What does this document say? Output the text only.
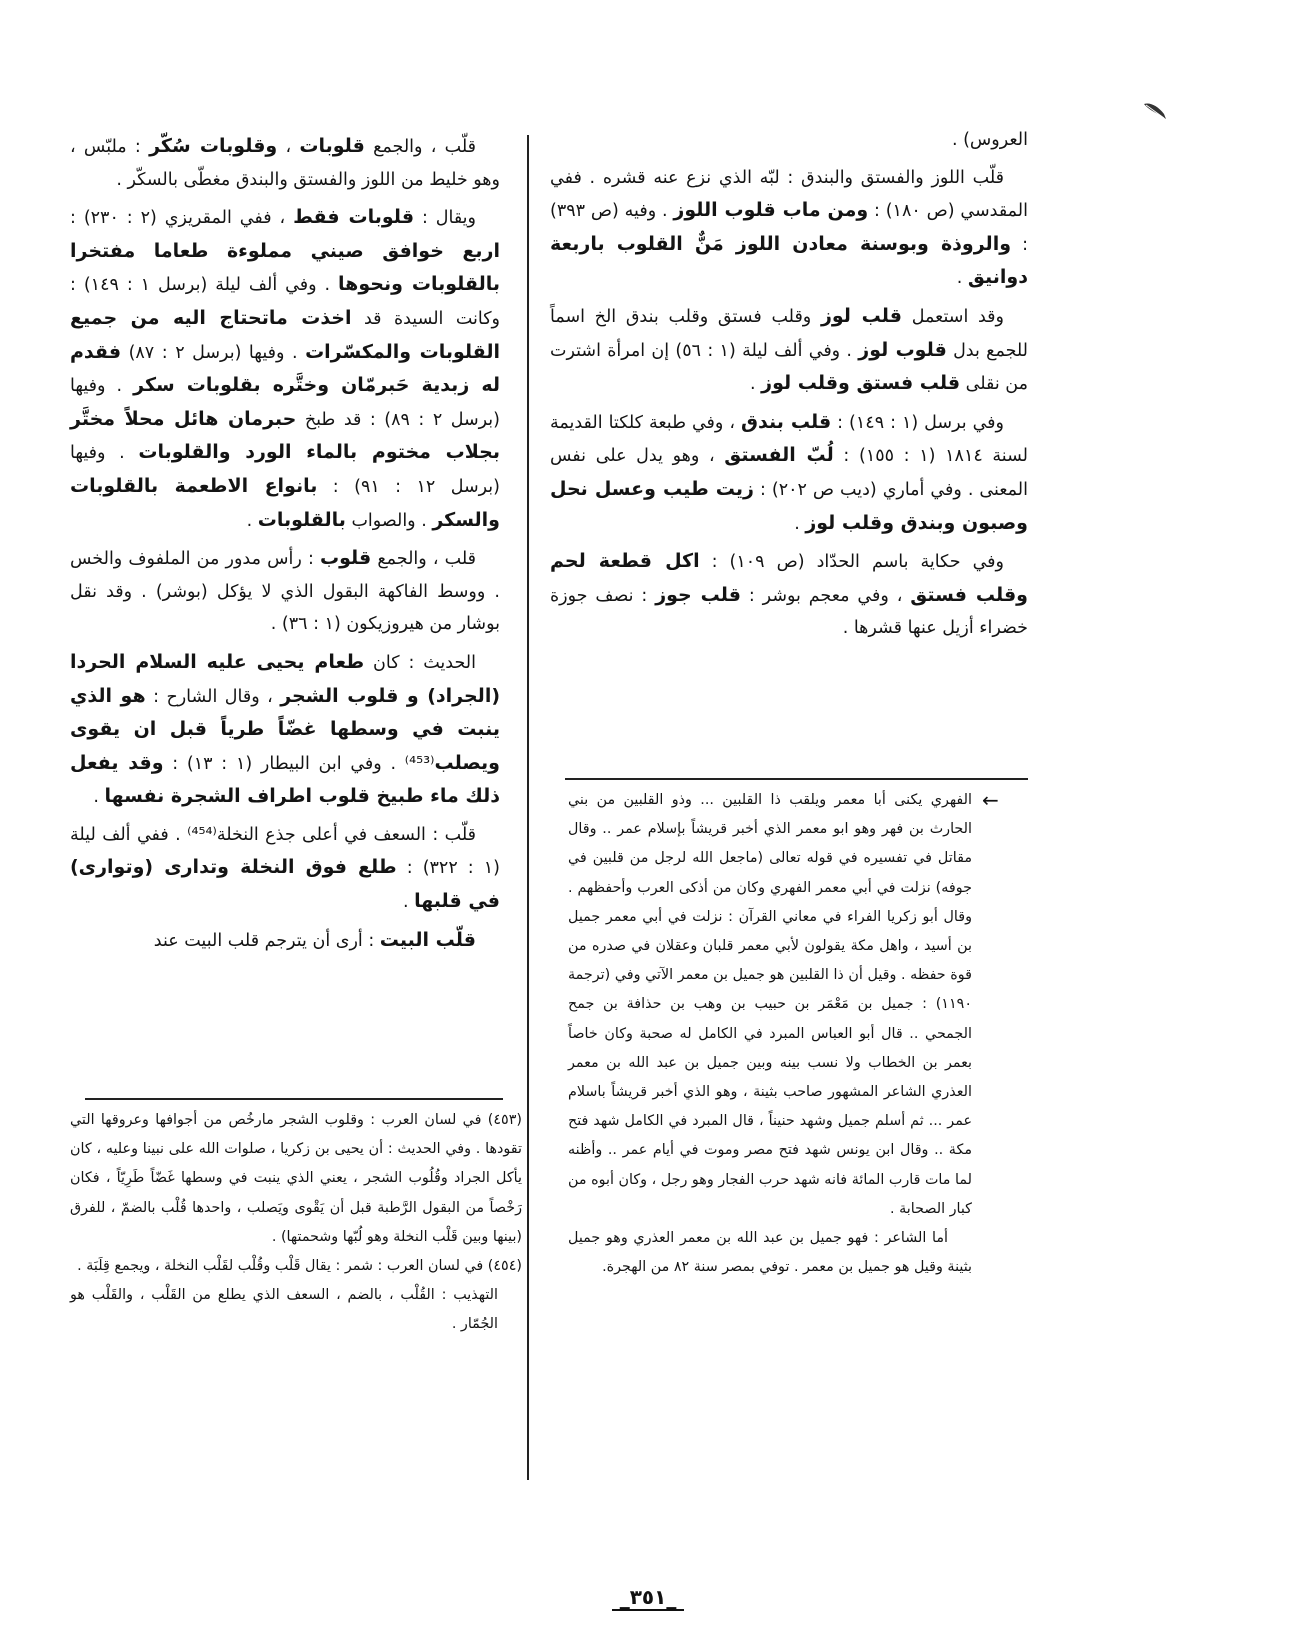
العروس) .

قلّب اللوز والفستق والبندق : لبّه الذي نزع عنه قشره . ففي المقدسي (ص ١٨٠) : ومن ماب قلوب اللوز . وفيه (ص ٣٩٣) : والروذة وبوسنة معادن اللوز مَنٌّ القلوب باربعة دوانيق .

وقد استعمل قلب لوز وقلب فستق وقلب بندق الخ اسماً للجمع بدل قلوب لوز . وفي ألف ليلة (١ : ٥٦) إن امرأة اشترت من نقلى قلب فستق وقلب لوز .

وفي برسل (١ : ١٤٩) : قلب بندق ، وفي طبعة كلكتا القديمة لسنة ١٨١٤ (١ : ١٥٥) : لُبّ الفستق ، وهو يدل على نفس المعنى . وفي أماري (ديب ص ٢٠٢) : زيت طيب وعسل نحل وصبون وبندق وقلب لوز .

وفي حكاية باسم الحدّاد (ص ١٠٩) : اكل قطعة لحم وقلب فستق ، وفي معجم بوشر : قلب جوز : نصف جوزة خضراء أزيل عنها قشرها .

قلّب ، والجمع قلوبات ، وقلوبات سُكّر : ملبّس ، وهو خليط من اللوز والفستق والبندق مغطّى بالسكّر .

ويقال : قلوبات فقط ، ففي المقريزي (٢ : ٢٣٠) : اربع خوافق صيني مملوءة طعاما مفتخرا بالقلوبات ونحوها . وفي ألف ليلة (برسل ١ : ١٤٩) : وكانت السيدة قد اخذت ماتحتاج اليه من جميع القلوبات والمكسّرات . وفيها (برسل ٢ : ٨٧) فقدم له زبدية حَبرمّان وختَّره بقلوبات سكر . وفيها (برسل ٢ : ٨٩) : قد طبخ حبرمان هائل محلاً مختَّر بجلاب مختوم بالماء الورد والقلوبات . وفيها (برسل ١٢ : ٩١) : بانواع الاطعمة بالقلوبات والسكر . والصواب بالقلوبات .

قلب ، والجمع قلوب : رأس مدور من الملفوف والخس . ووسط الفاكهة البقول الذي لا يؤكل (بوشر) . وقد نقل بوشار من هيروزيكون (١ : ٣٦) .

الحديث : كان طعام يحيى عليه السلام الحردا (الجراد) و قلوب الشجر ، وقال الشارح : هو الذي ينبت في وسطها غضّاً طرياً قبل ان يقوى ويصلب⁽⁴⁵³⁾ . وفي ابن البيطار (١ : ١٣) : وقد يفعل ذلك ماء طبيخ قلوب اطراف الشجرة نفسها .

قلّب : السعف في أعلى جذع النخلة⁽⁴⁵⁴⁾ . ففي ألف ليلة (١ : ٣٢٢) : طلع فوق النخلة وتدارى (وتوارى) في قلبها .

قلّب البيت : أرى أن يترجم قلب البيت عند

←

الفهري يكنى أبا معمر ويلقب ذا القلبين ... وذو القلبين من بني الحارث بن فهر وهو ابو معمر الذي أخبر قريشاً بإسلام عمر .. وقال مقاتل في تفسيره في قوله تعالى (ماجعل الله لرجل من قلبين في جوفه) نزلت في أبي معمر الفهري وكان من أذكى العرب وأحفظهم . وقال أبو زكريا الفراء في معاني القرآن : نزلت في أبي معمر جميل بن أسيد ، واهل مكة يقولون لأبي معمر قلبان وعقلان في صدره من قوة حفظه . وقيل أن ذا القلبين هو جميل بن معمر الآتي وفي (ترجمة ١١٩٠) : جميل بن مَعْمَر بن حبيب بن وهب بن حذافة بن جمح الجمحي .. قال أبو العباس المبرد في الكامل له صحبة وكان خاصاً بعمر بن الخطاب ولا نسب بينه وبين جميل بن عبد الله بن معمر العذري الشاعر المشهور صاحب بثينة ، وهو الذي أخبر قريشاً باسلام عمر ... ثم أسلم جميل وشهد حنيناً ، قال المبرد في الكامل شهد فتح مكة .. وقال ابن يونس شهد فتح مصر وموت في أيام عمر .. وأظنه لما مات قارب المائة فانه شهد حرب الفجار وهو رجل ، وكان أبوه من كبار الصحابة .

أما الشاعر : فهو جميل بن عبد الله بن معمر العذري وهو جميل بثينة وقيل هو جميل بن معمر . توفي بمصر سنة ٨٢ من الهجرة.

(٤٥٣) في لسان العرب : وقلوب الشجر مارخُص من أجوافها وعروقها التي تقودها . وفي الحديث : أن يحيى بن زكريا ، صلوات الله على نبينا وعليه ، كان يأكل الجراد وقُلُوب الشجر ، يعني الذي ينبت في وسطها غَضّاً طَرِيّاً ، فكان رَخْصاً من البقول الرَّطبة قبل أن يَقْوى ويَصلب ، واحدها قُلْب بالضمّ ، للفرق (بينها وبين قَلْب النخلة وهو لُبّها وشحمتها) .

(٤٥٤) في لسان العرب : شمر : يقال قَلْب وقُلْب لقَلْب النخلة ، ويجمع قِلَبَة .

التهذيب : القُلْب ، بالضم ، السعف الذي يطلع من القَلْب ، والقَلْب هو الجُمّار .

_٣٥١_
